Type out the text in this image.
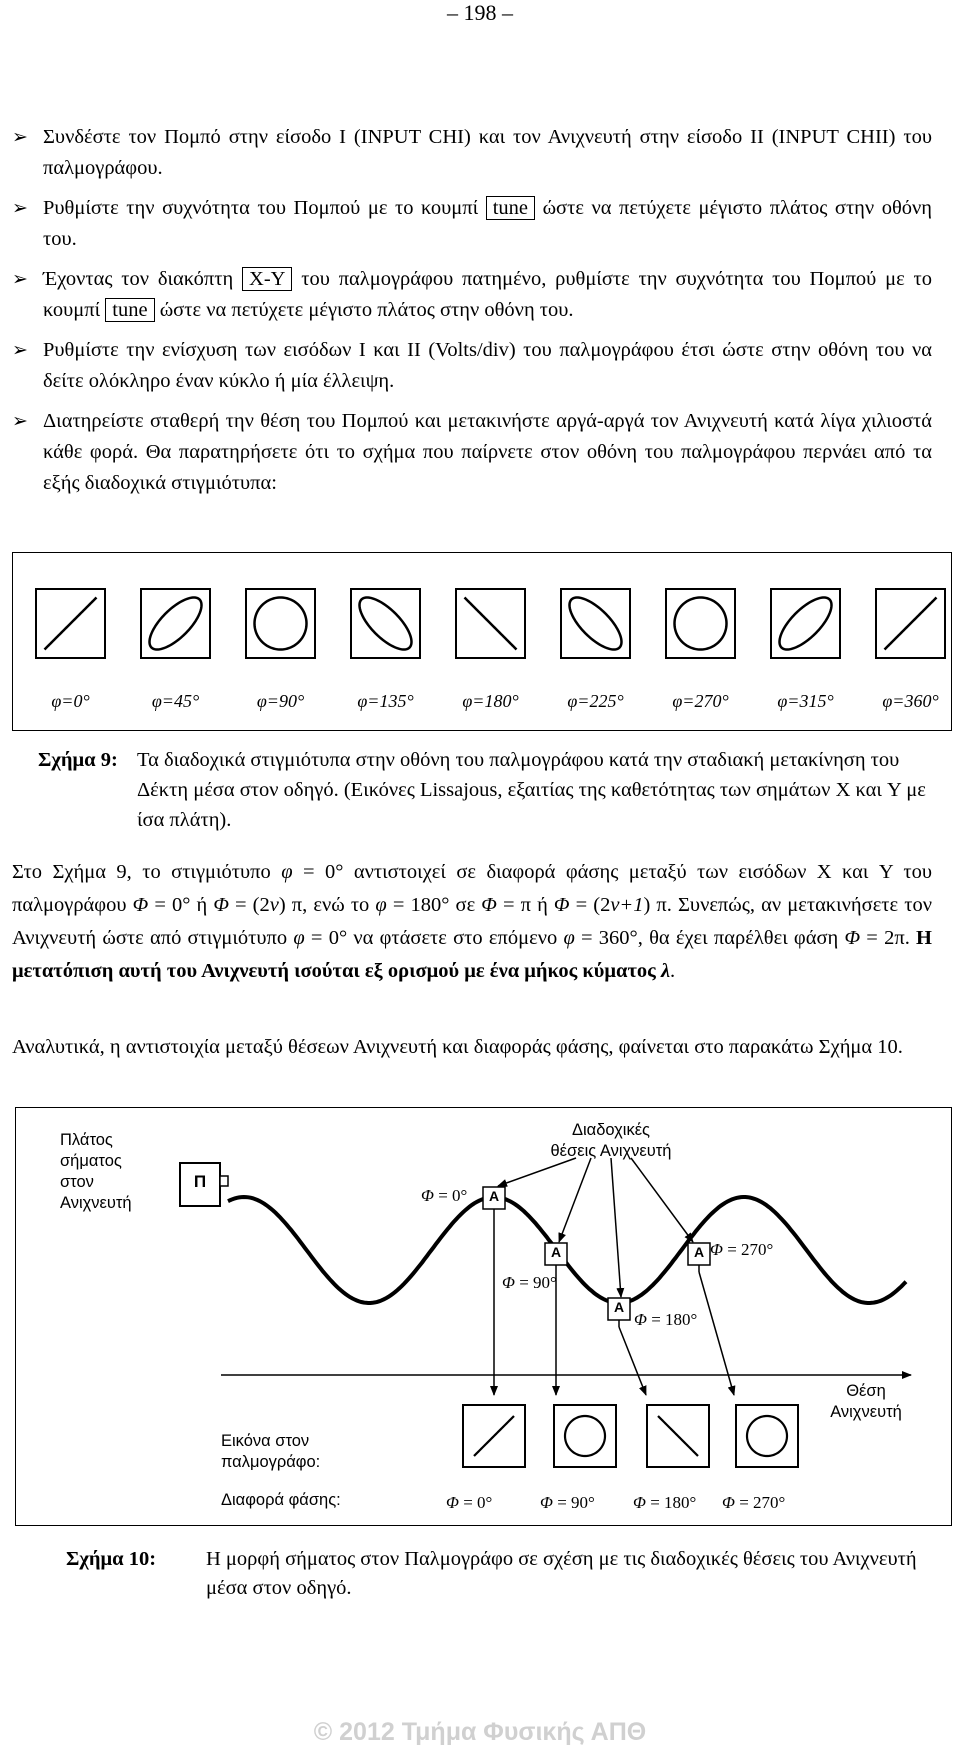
– 198 –
➢ Συνδέστε τον Πομπό στην είσοδο I (INPUT CHI) και τον Ανιχνευτή στην είσοδο II (INPUT CHII) του παλμογράφου.
➢ Ρυθμίστε την συχνότητα του Πομπού με το κουμπί tune ώστε να πετύχετε μέγιστο πλάτος στην οθόνη του.
➢ Έχοντας τον διακόπτη X-Y του παλμογράφου πατημένο, ρυθμίστε την συχνότητα του Πομπού με το κουμπί tune ώστε να πετύχετε μέγιστο πλάτος στην οθόνη του.
➢ Ρυθμίστε την ενίσχυση των εισόδων I και II (Volts/div) του παλμογράφου έτσι ώστε στην οθόνη του να δείτε ολόκληρο έναν κύκλο ή μία έλλειψη.
➢ Διατηρείστε σταθερή την θέση του Πομπού και μετακινήστε αργά-αργά τον Ανιχνευτή κατά λίγα χιλιοστά κάθε φορά. Θα παρατηρήσετε ότι το σχήμα που παίρνετε στον οθόνη του παλμογράφου περνάει από τα εξής διαδοχικά στιγμιότυπα:
φ=0°	φ=45°	φ=90°	φ=135°	φ=180°	φ=225°	φ=270°	φ=315°	φ=360°
Σχήμα 9: Τα διαδοχικά στιγμιότυπα στην οθόνη του παλμογράφου κατά την σταδιακή μετακίνηση του Δέκτη μέσα στον οδηγό. (Εικόνες Lissajous, εξαιτίας της καθετότητας των σημάτων X και Y με ίσα πλάτη).
Στο Σχήμα 9, το στιγμιότυπο φ = 0° αντιστοιχεί σε διαφορά φάσης μεταξύ των εισόδων X και Y του παλμογράφου Φ = 0° ή Φ = (2ν) π, ενώ το φ = 180° σε Φ = π ή Φ = (2ν+1) π. Συνεπώς, αν μετακινήσετε τον Ανιχνευτή ώστε από στιγμιότυπο φ = 0° να φτάσετε στο επόμενο φ = 360°, θα έχει παρέλθει φάση Φ = 2π. Η μετατόπιση αυτή του Ανιχνευτή ισούται εξ ορισμού με ένα μήκος κύματος λ.
Αναλυτικά, η αντιστοιχία μεταξύ θέσεων Ανιχνευτή και διαφοράς φάσης, φαίνεται στο παρακάτω Σχήμα 10.
Πλάτος
σήματος
στον
Ανιχνευτή
Διαδοχικές
θέσεις Ανιχνευτή
Π
A
A
A
A
Φ = 0°
Φ = 90°
Φ = 180°
Φ = 270°
Θέση
Ανιχνευτή
Εικόνα στον
παλμογράφο:
Διαφορά φάσης:	Φ = 0°	Φ = 90° Φ = 180° Φ = 270°
Σχήμα 10: Η μορφή σήματος στον Παλμογράφο σε σχέση με τις διαδοχικές θέσεις του Ανιχνευτή μέσα στον οδηγό.
© 2012 Τμήμα Φυσικής ΑΠΘ
